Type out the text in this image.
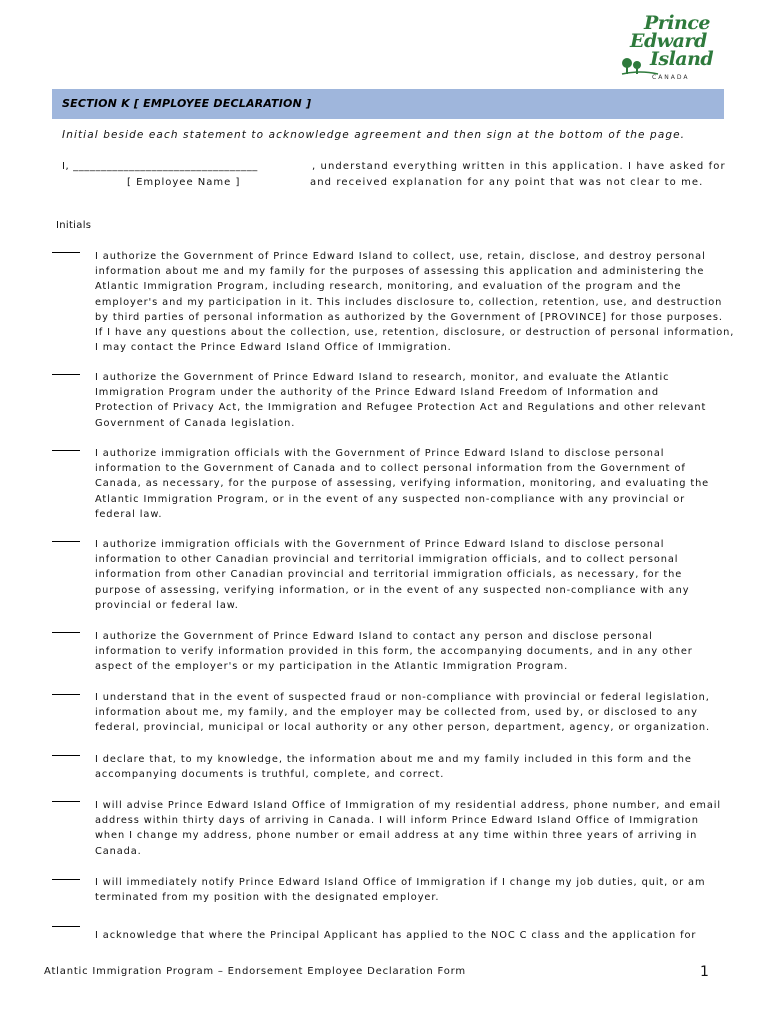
Prince
Edward
Island
CANADA
SECTION K [ EMPLOYEE DECLARATION ]
Initial beside each statement to acknowledge agreement and then sign at the bottom of the page.
I, _________________________________
[ Employee Name ]
, understand everything written in this application. I have asked for
and received explanation for any point that was not clear to me.
Initials
I authorize the Government of Prince Edward Island to collect, use, retain, disclose, and destroy personal
information about me and my family for the purposes of assessing this application and administering the
Atlantic Immigration Program, including research, monitoring, and evaluation of the program and the
employer's and my participation in it. This includes disclosure to, collection, retention, use, and destruction
by third parties of personal information as authorized by the Government of [PROVINCE] for those purposes.
If I have any questions about the collection, use, retention, disclosure, or destruction of personal information,
I may contact the Prince Edward Island Office of Immigration.
I authorize the Government of Prince Edward Island to research, monitor, and evaluate the Atlantic
Immigration Program under the authority of the Prince Edward Island Freedom of Information and
Protection of Privacy Act, the Immigration and Refugee Protection Act and Regulations and other relevant
Government of Canada legislation.
I authorize immigration officials with the Government of Prince Edward Island to disclose personal
information to the Government of Canada and to collect personal information from the Government of
Canada, as necessary, for the purpose of assessing, verifying information, monitoring, and evaluating the
Atlantic Immigration Program, or in the event of any suspected non-compliance with any provincial or
federal law.
I authorize immigration officials with the Government of Prince Edward Island to disclose personal
information to other Canadian provincial and territorial immigration officials, and to collect personal
information from other Canadian provincial and territorial immigration officials, as necessary, for the
purpose of assessing, verifying information, or in the event of any suspected non-compliance with any
provincial or federal law.
I authorize the Government of Prince Edward Island to contact any person and disclose personal
information to verify information provided in this form, the accompanying documents, and in any other
aspect of the employer's or my participation in the Atlantic Immigration Program.
I understand that in the event of suspected fraud or non-compliance with provincial or federal legislation,
information about me, my family, and the employer may be collected from, used by, or disclosed to any
federal, provincial, municipal or local authority or any other person, department, agency, or organization.
I declare that, to my knowledge, the information about me and my family included in this form and the
accompanying documents is truthful, complete, and correct.
I will advise Prince Edward Island Office of Immigration of my residential address, phone number, and email
address within thirty days of arriving in Canada. I will inform Prince Edward Island Office of Immigration
when I change my address, phone number or email address at any time within three years of arriving in
Canada.
I will immediately notify Prince Edward Island Office of Immigration if I change my job duties, quit, or am
terminated from my position with the designated employer.
I acknowledge that where the Principal Applicant has applied to the NOC C class and the application for
Atlantic Immigration Program – Endorsement Employee Declaration Form	1
